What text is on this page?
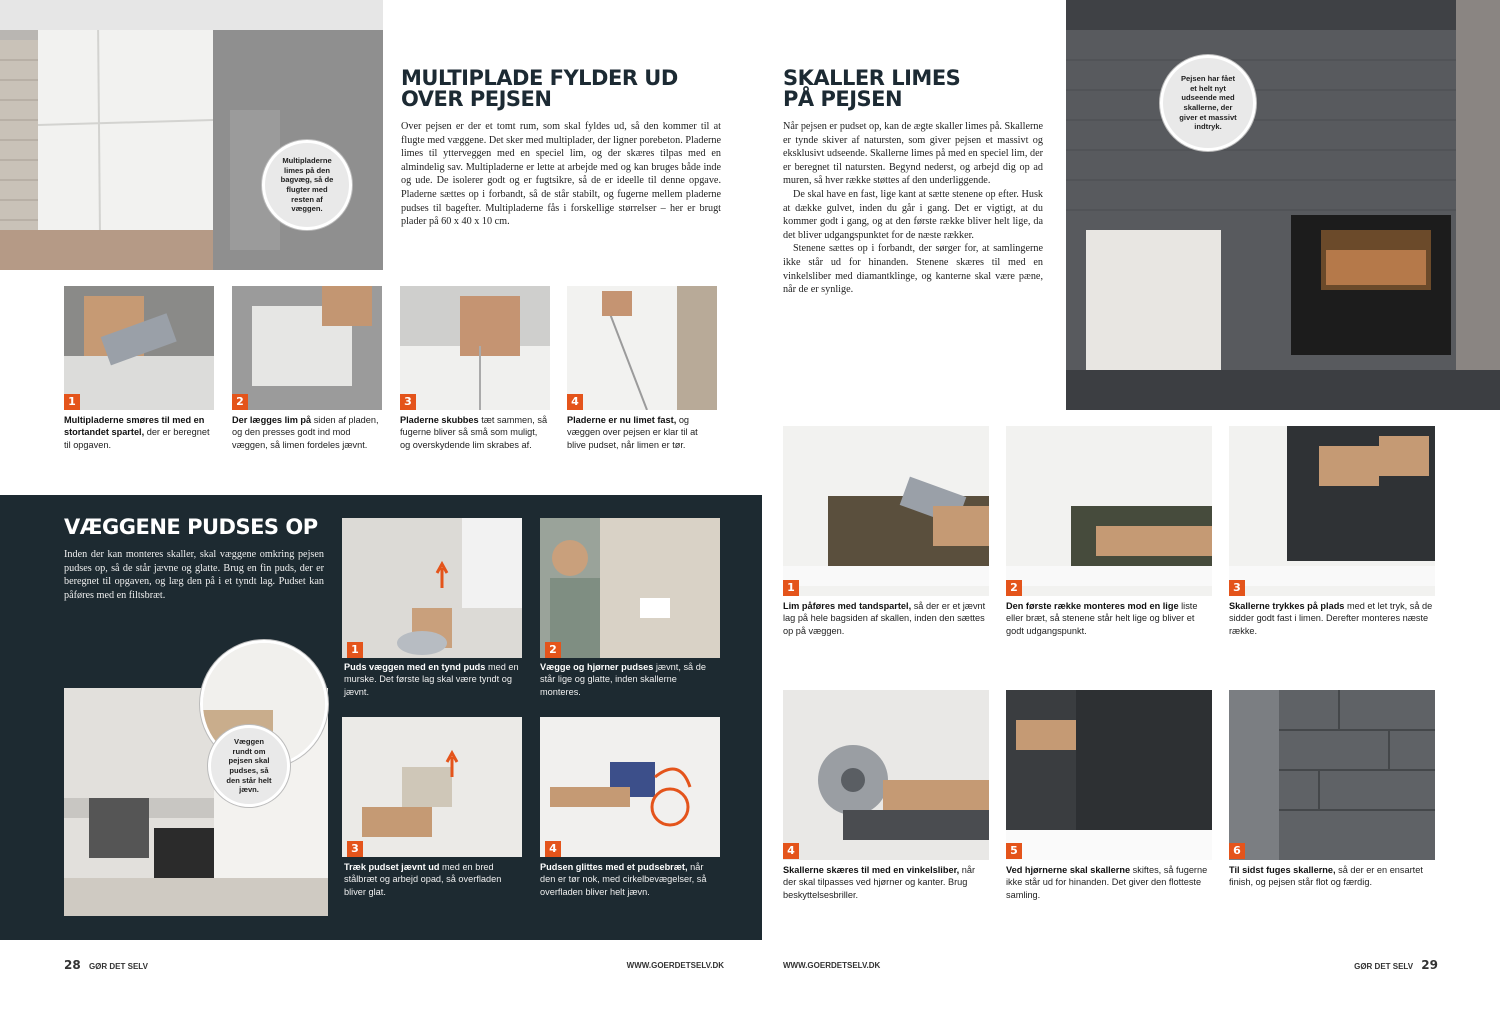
Multipladerne limes på den bagvæg, så de flugter med resten af væggen.
MULTIPLADE FYLDER UD
OVER PEJSEN

Over pejsen er der et tomt rum, som skal fyldes ud, så den kommer til at flugte med væggene. Det sker med multiplader, der ligner porebeton. Pladerne limes til ytterveggen med en speciel lim, og der skæres tilpas med en almindelig sav. Multipladerne er lette at arbejde med og kan bruges både inde og ude. De isolerer godt og er fugtsikre, så de er ideelle til denne opgave. Pladerne sættes op i forbandt, så de står stabilt, og fugerne mellem pladerne pudses til bagefter. Multipladerne fås i forskellige størrelser – her er brugt plader på 60 x 40 x 10 cm.

1	2	3	4
Multipladerne smøres til med en stortandet spartel, der er beregnet til opgaven.
Der lægges lim på siden af pladen, og den presses godt ind mod væggen, så limen fordeles jævnt.
Pladerne skubbes tæt sammen, så fugerne bliver så små som muligt, og overskydende lim skrabes af.
Pladerne er nu limet fast, og væggen over pejsen er klar til at blive pudset, når limen er tør.
VÆGGENE PUDSES OP

Inden der kan monteres skaller, skal væggene omkring pejsen pudses op, så de står jævne og glatte. Brug en fin puds, der er beregnet til opgaven, og læg den på i et tyndt lag. Pudset kan påføres med en filtsbræt.

Væggen rundt om pejsen skal pudses, så den står helt jævn.
1	2
3	4
Puds væggen med en tynd puds med en murske. Det første lag skal være tyndt og jævnt.
Vægge og hjørner pudses jævnt, så de står lige og glatte, inden skallerne monteres.
Træk pudset jævnt ud med en bred stålbræt og arbejd opad, så overfladen bliver glat.
Pudsen glittes med et pudsebræt, når den er tør nok, med cirkelbevægelser, så overfladen bliver helt jævn.
28 GØR DET SELV	WWW.GOERDETSELV.DK
SKALLER LIMES
PÅ PEJSEN

Når pejsen er pudset op, kan de ægte skaller limes på. Skallerne er tynde skiver af natursten, som giver pejsen et massivt og eksklusivt udseende. Skallerne limes på med en speciel lim, der er beregnet til natursten. Begynd nederst, og arbejd dig op ad muren, så hver række støttes af den underliggende.

De skal have en fast, lige kant at sætte stenene op efter. Husk at dække gulvet, inden du går i gang. Det er vigtigt, at du kommer godt i gang, og at den første række bliver helt lige, da det bliver udgangspunktet for de næste rækker.

Stenene sættes op i forbandt, der sørger for, at samlingerne ikke står ud for hinanden. Stenene skæres til med en vinkelsliber med diamantklinge, og kanterne skal være pæne, når de er synlige.

Pejsen har fået et helt nyt udseende med skallerne, der giver et massivt indtryk.
1	2	3
Lim påføres med tandspartel, så der er et jævnt lag på hele bagsiden af skallen, inden den sættes op på væggen.
Den første række monteres mod en lige liste eller bræt, så stenene står helt lige og bliver et godt udgangspunkt.
Skallerne trykkes på plads med et let tryk, så de sidder godt fast i limen. Derefter monteres næste række.
4	5	6
Skallerne skæres til med en vinkelsliber, når der skal tilpasses ved hjørner og kanter. Brug beskyttelsesbriller.
Ved hjørnerne skal skallerne skiftes, så fugerne ikke står ud for hinanden. Det giver den flotteste samling.
Til sidst fuges skallerne, så der er en ensartet finish, og pejsen står flot og færdig.
WWW.GOERDETSELV.DK	GØR DET SELV 29
